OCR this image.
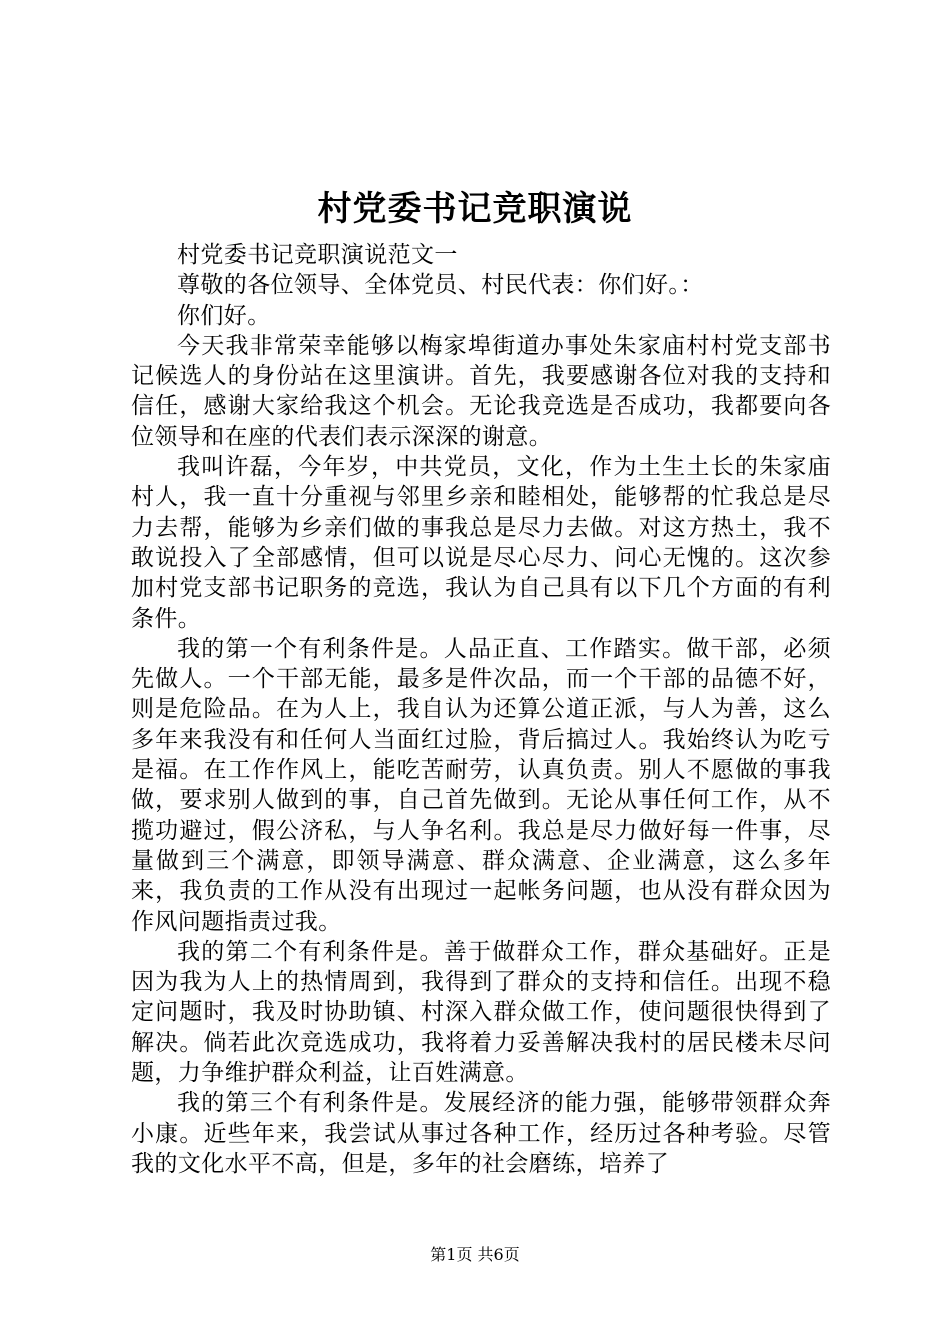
村党委书记竞职演说

村党委书记竞职演说范文一

尊敬的各位领导、全体党员、村民代表：你们好。：

你们好。

今天我非常荣幸能够以梅家埠街道办事处朱家庙村村党支部书记候选人的身份站在这里演讲。首先，我要感谢各位对我的支持和信任，感谢大家给我这个机会。无论我竞选是否成功，我都要向各位领导和在座的代表们表示深深的谢意。

我叫许磊，今年岁，中共党员，文化，作为土生土长的朱家庙村人，我一直十分重视与邻里乡亲和睦相处，能够帮的忙我总是尽力去帮，能够为乡亲们做的事我总是尽力去做。对这方热土，我不敢说投入了全部感情，但可以说是尽心尽力、问心无愧的。这次参加村党支部书记职务的竞选，我认为自己具有以下几个方面的有利条件。

我的第一个有利条件是。人品正直、工作踏实。做干部，必须先做人。一个干部无能，最多是件次品，而一个干部的品德不好，则是危险品。在为人上，我自认为还算公道正派，与人为善，这么多年来我没有和任何人当面红过脸，背后搞过人。我始终认为吃亏是福。在工作作风上，能吃苦耐劳，认真负责。别人不愿做的事我做，要求别人做到的事，自己首先做到。无论从事任何工作，从不揽功避过，假公济私，与人争名利。我总是尽力做好每一件事，尽量做到三个满意，即领导满意、群众满意、企业满意，这么多年来，我负责的工作从没有出现过一起帐务问题，也从没有群众因为作风问题指责过我。

我的第二个有利条件是。善于做群众工作，群众基础好。正是因为我为人上的热情周到，我得到了群众的支持和信任。出现不稳定问题时，我及时协助镇、村深入群众做工作，使问题很快得到了解决。倘若此次竞选成功，我将着力妥善解决我村的居民楼未尽问题，力争维护群众利益，让百姓满意。

我的第三个有利条件是。发展经济的能力强，能够带领群众奔小康。近些年来，我尝试从事过各种工作，经历过各种考验。尽管我的文化水平不高，但是，多年的社会磨练，培养了

第1页 共6页
